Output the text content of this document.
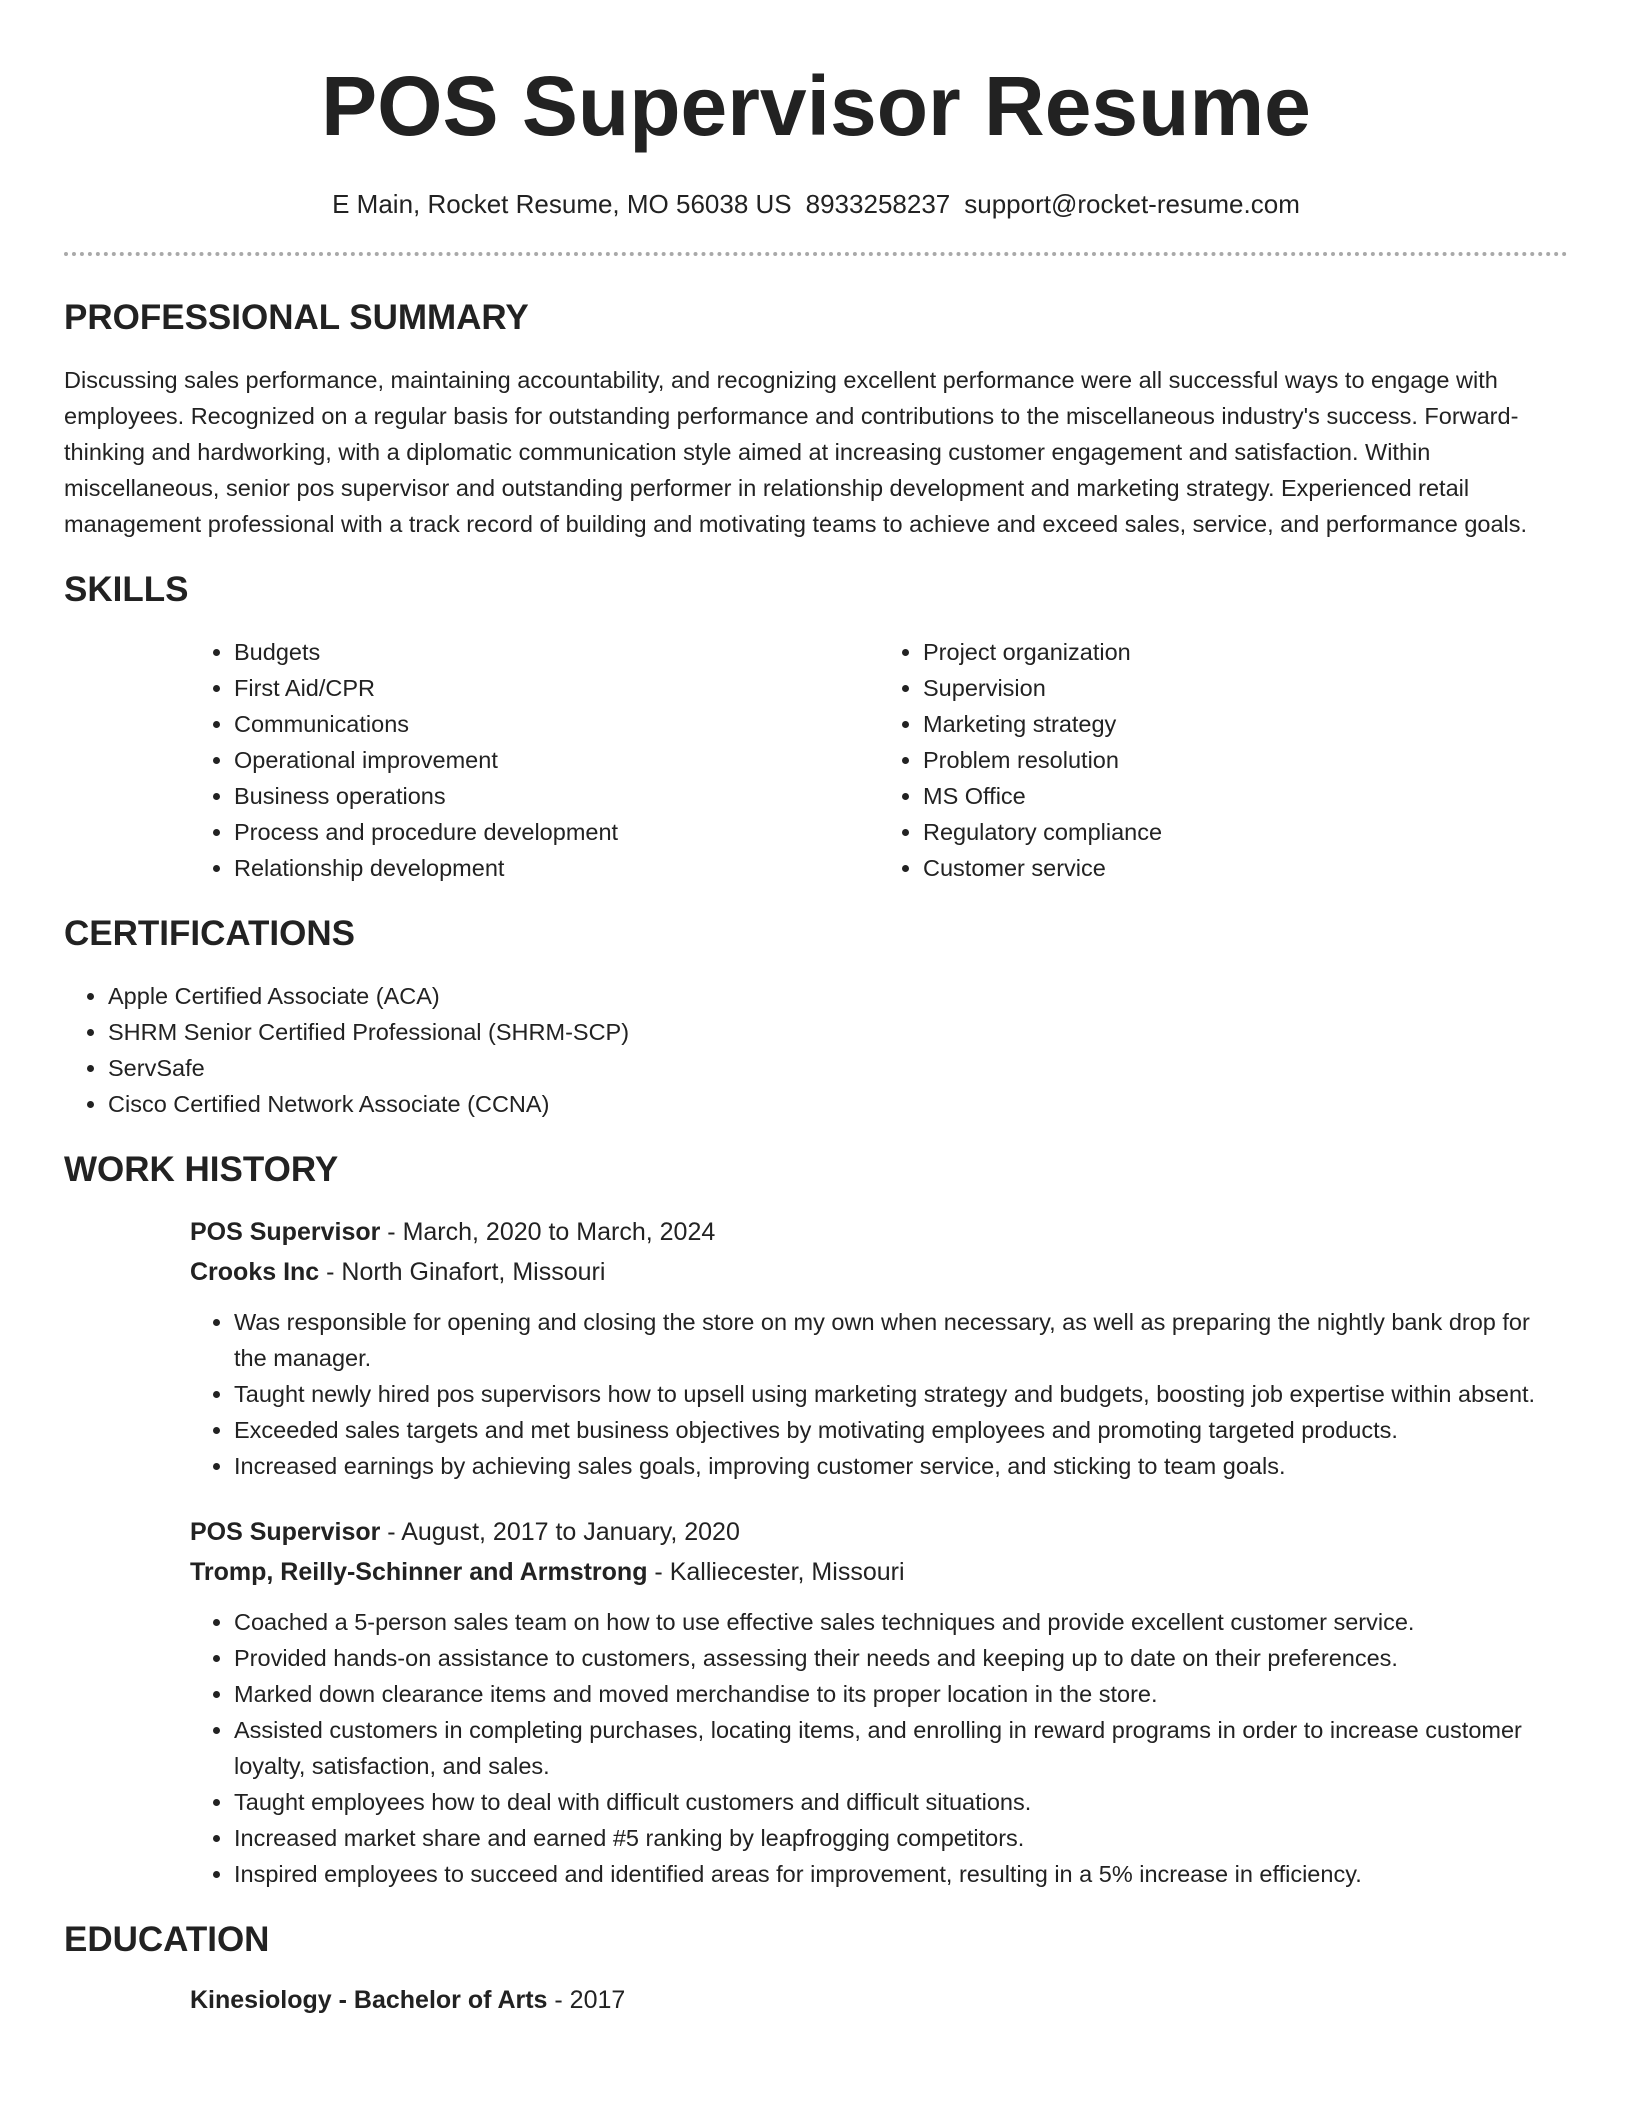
POS Supervisor Resume
E Main, Rocket Resume, MO 56038 US 8933258237 support@rocket-resume.com
PROFESSIONAL SUMMARY

Discussing sales performance, maintaining accountability, and recognizing excellent performance were all successful ways to engage with employees. Recognized on a regular basis for outstanding performance and contributions to the miscellaneous industry's success. Forward-thinking and hardworking, with a diplomatic communication style aimed at increasing customer engagement and satisfaction. Within miscellaneous, senior pos supervisor and outstanding performer in relationship development and marketing strategy. Experienced retail management professional with a track record of building and motivating teams to achieve and exceed sales, service, and performance goals.

SKILLS
• Budgets
• First Aid/CPR
• Communications
• Operational improvement
• Business operations
• Process and procedure development
• Relationship development
• Project organization
• Supervision
• Marketing strategy
• Problem resolution
• MS Office
• Regulatory compliance
• Customer service
CERTIFICATIONS
• Apple Certified Associate (ACA)
• SHRM Senior Certified Professional (SHRM-SCP)
• ServSafe
• Cisco Certified Network Associate (CCNA)
WORK HISTORY
POS Supervisor - March, 2020 to March, 2024
Crooks Inc - North Ginafort, Missouri
• Was responsible for opening and closing the store on my own when necessary, as well as preparing the nightly bank drop for the manager.
• Taught newly hired pos supervisors how to upsell using marketing strategy and budgets, boosting job expertise within absent.
• Exceeded sales targets and met business objectives by motivating employees and promoting targeted products.
• Increased earnings by achieving sales goals, improving customer service, and sticking to team goals.
POS Supervisor - August, 2017 to January, 2020
Tromp, Reilly-Schinner and Armstrong - Kalliecester, Missouri
• Coached a 5-person sales team on how to use effective sales techniques and provide excellent customer service.
• Provided hands-on assistance to customers, assessing their needs and keeping up to date on their preferences.
• Marked down clearance items and moved merchandise to its proper location in the store.
• Assisted customers in completing purchases, locating items, and enrolling in reward programs in order to increase customer loyalty, satisfaction, and sales.
• Taught employees how to deal with difficult customers and difficult situations.
• Increased market share and earned #5 ranking by leapfrogging competitors.
• Inspired employees to succeed and identified areas for improvement, resulting in a 5% increase in efficiency.
EDUCATION
Kinesiology - Bachelor of Arts - 2017
